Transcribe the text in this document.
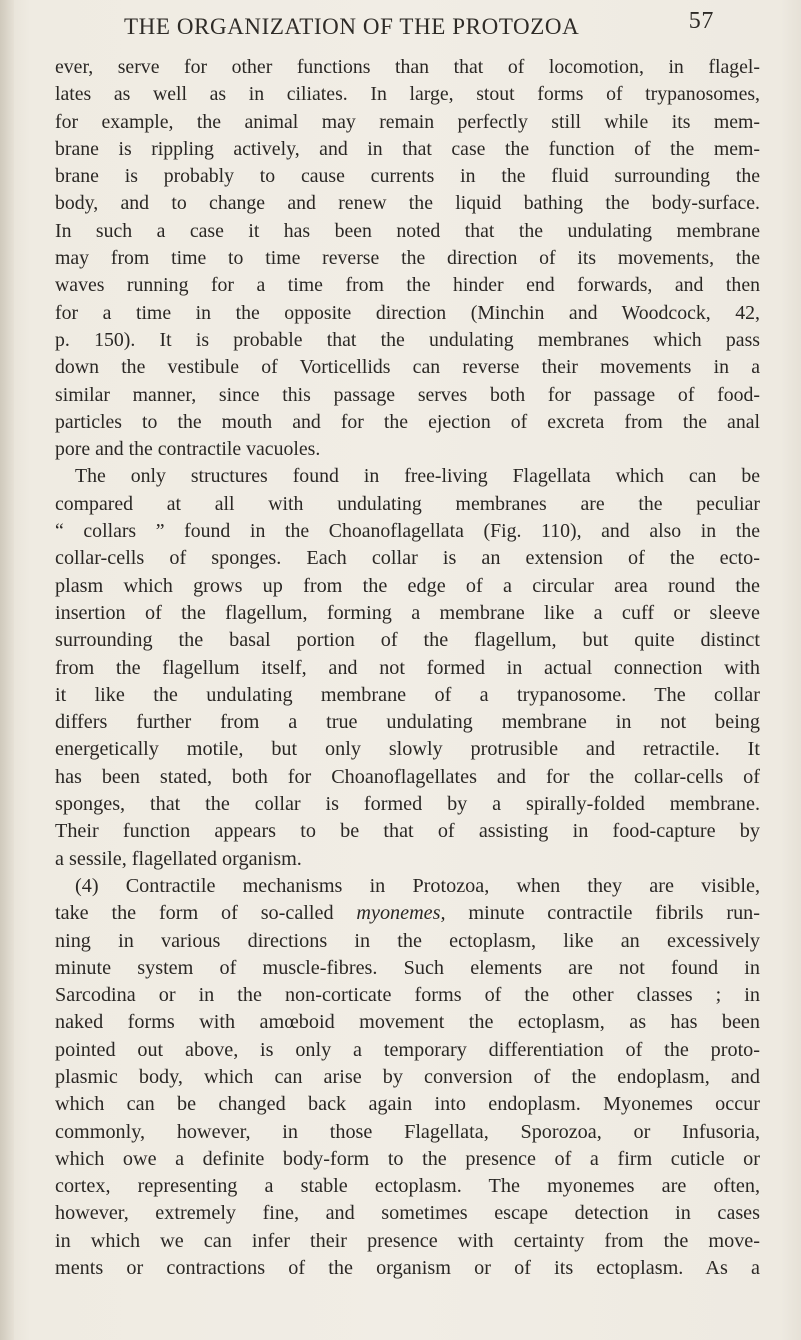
THE ORGANIZATION OF THE PROTOZOA	57
ever, serve for other functions than that of locomotion, in flagel-
lates as well as in ciliates. In large, stout forms of trypanosomes,
for example, the animal may remain perfectly still while its mem-
brane is rippling actively, and in that case the function of the mem-
brane is probably to cause currents in the fluid surrounding the
body, and to change and renew the liquid bathing the body-surface.
In such a case it has been noted that the undulating membrane
may from time to time reverse the direction of its movements, the
waves running for a time from the hinder end forwards, and then
for a time in the opposite direction (Minchin and Woodcock, 42,
p. 150). It is probable that the undulating membranes which pass
down the vestibule of Vorticellids can reverse their movements in a
similar manner, since this passage serves both for passage of food-
particles to the mouth and for the ejection of excreta from the anal
pore and the contractile vacuoles.
The only structures found in free-living Flagellata which can be
compared at all with undulating membranes are the peculiar
“ collars ” found in the Choanoflagellata (Fig. 110), and also in the
collar-cells of sponges. Each collar is an extension of the ecto-
plasm which grows up from the edge of a circular area round the
insertion of the flagellum, forming a membrane like a cuff or sleeve
surrounding the basal portion of the flagellum, but quite distinct
from the flagellum itself, and not formed in actual connection with
it like the undulating membrane of a trypanosome. The collar
differs further from a true undulating membrane in not being
energetically motile, but only slowly protrusible and retractile. It
has been stated, both for Choanoflagellates and for the collar-cells of
sponges, that the collar is formed by a spirally-folded membrane.
Their function appears to be that of assisting in food-capture by
a sessile, flagellated organism.
(4) Contractile mechanisms in Protozoa, when they are visible,
take the form of so-called myonemes, minute contractile fibrils run-
ning in various directions in the ectoplasm, like an excessively
minute system of muscle-fibres. Such elements are not found in
Sarcodina or in the non-corticate forms of the other classes ; in
naked forms with amœboid movement the ectoplasm, as has been
pointed out above, is only a temporary differentiation of the proto-
plasmic body, which can arise by conversion of the endoplasm, and
which can be changed back again into endoplasm. Myonemes occur
commonly, however, in those Flagellata, Sporozoa, or Infusoria,
which owe a definite body-form to the presence of a firm cuticle or
cortex, representing a stable ectoplasm. The myonemes are often,
however, extremely fine, and sometimes escape detection in cases
in which we can infer their presence with certainty from the move-
ments or contractions of the organism or of its ectoplasm. As a
